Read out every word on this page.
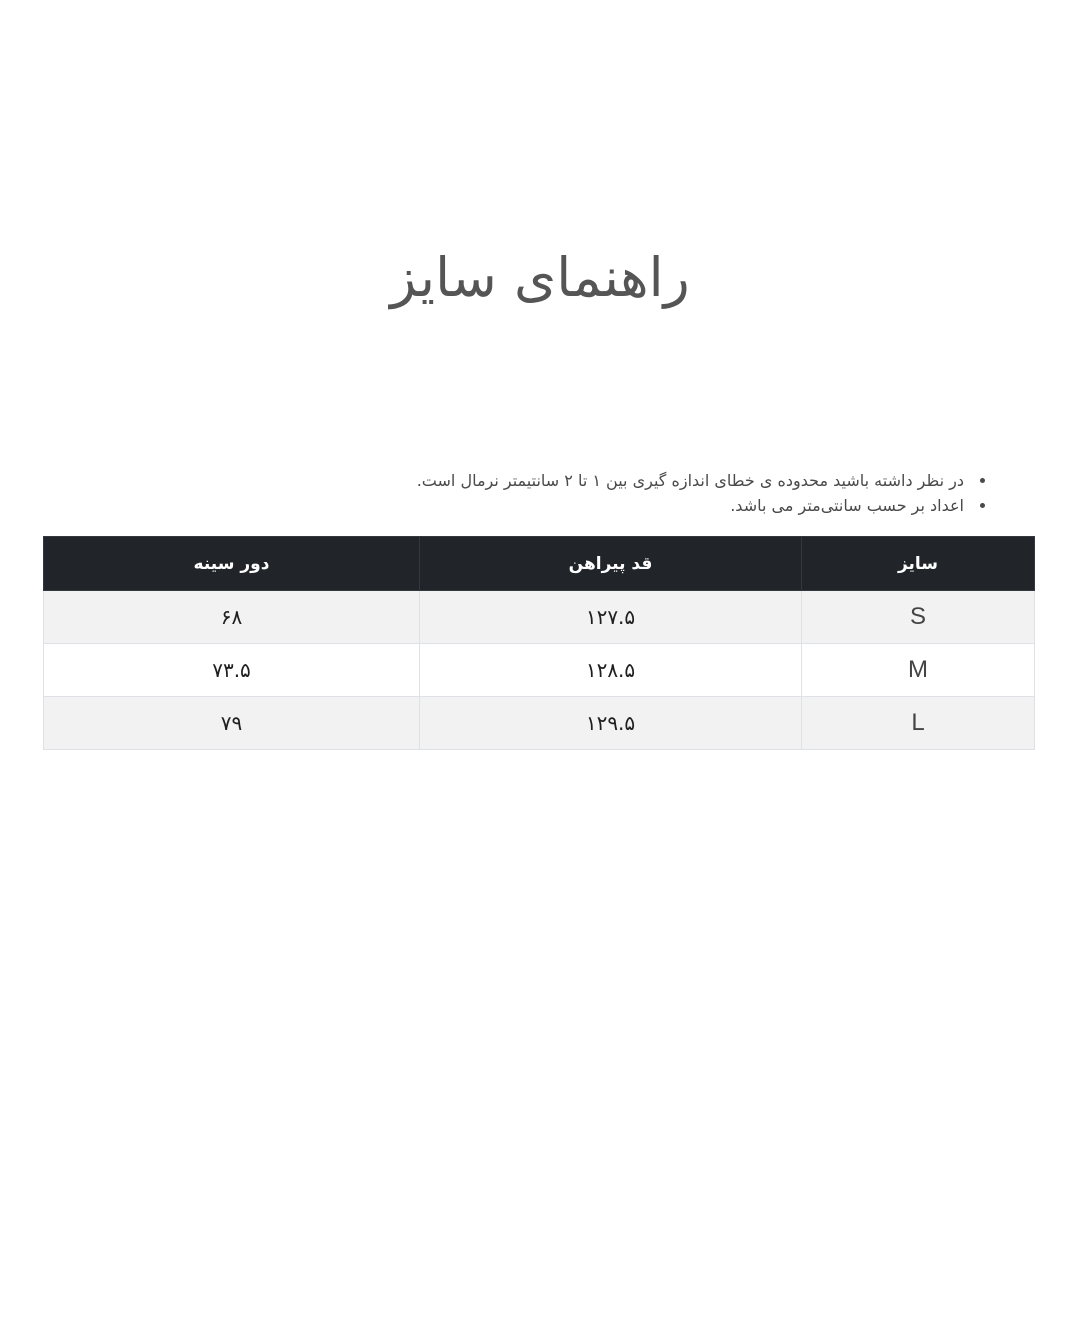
راهنمای سایز
• در نظر داشته باشید محدوده ی خطای اندازه گیری بین ۱ تا ۲ سانتیمتر نرمال است.
• اعداد بر حسب سانتی‌متر می باشد.
سایز	قد پیراهن	دور سینه
S	۱۲۷.۵	۶۸
M	۱۲۸.۵	۷۳.۵
L	۱۲۹.۵	۷۹
